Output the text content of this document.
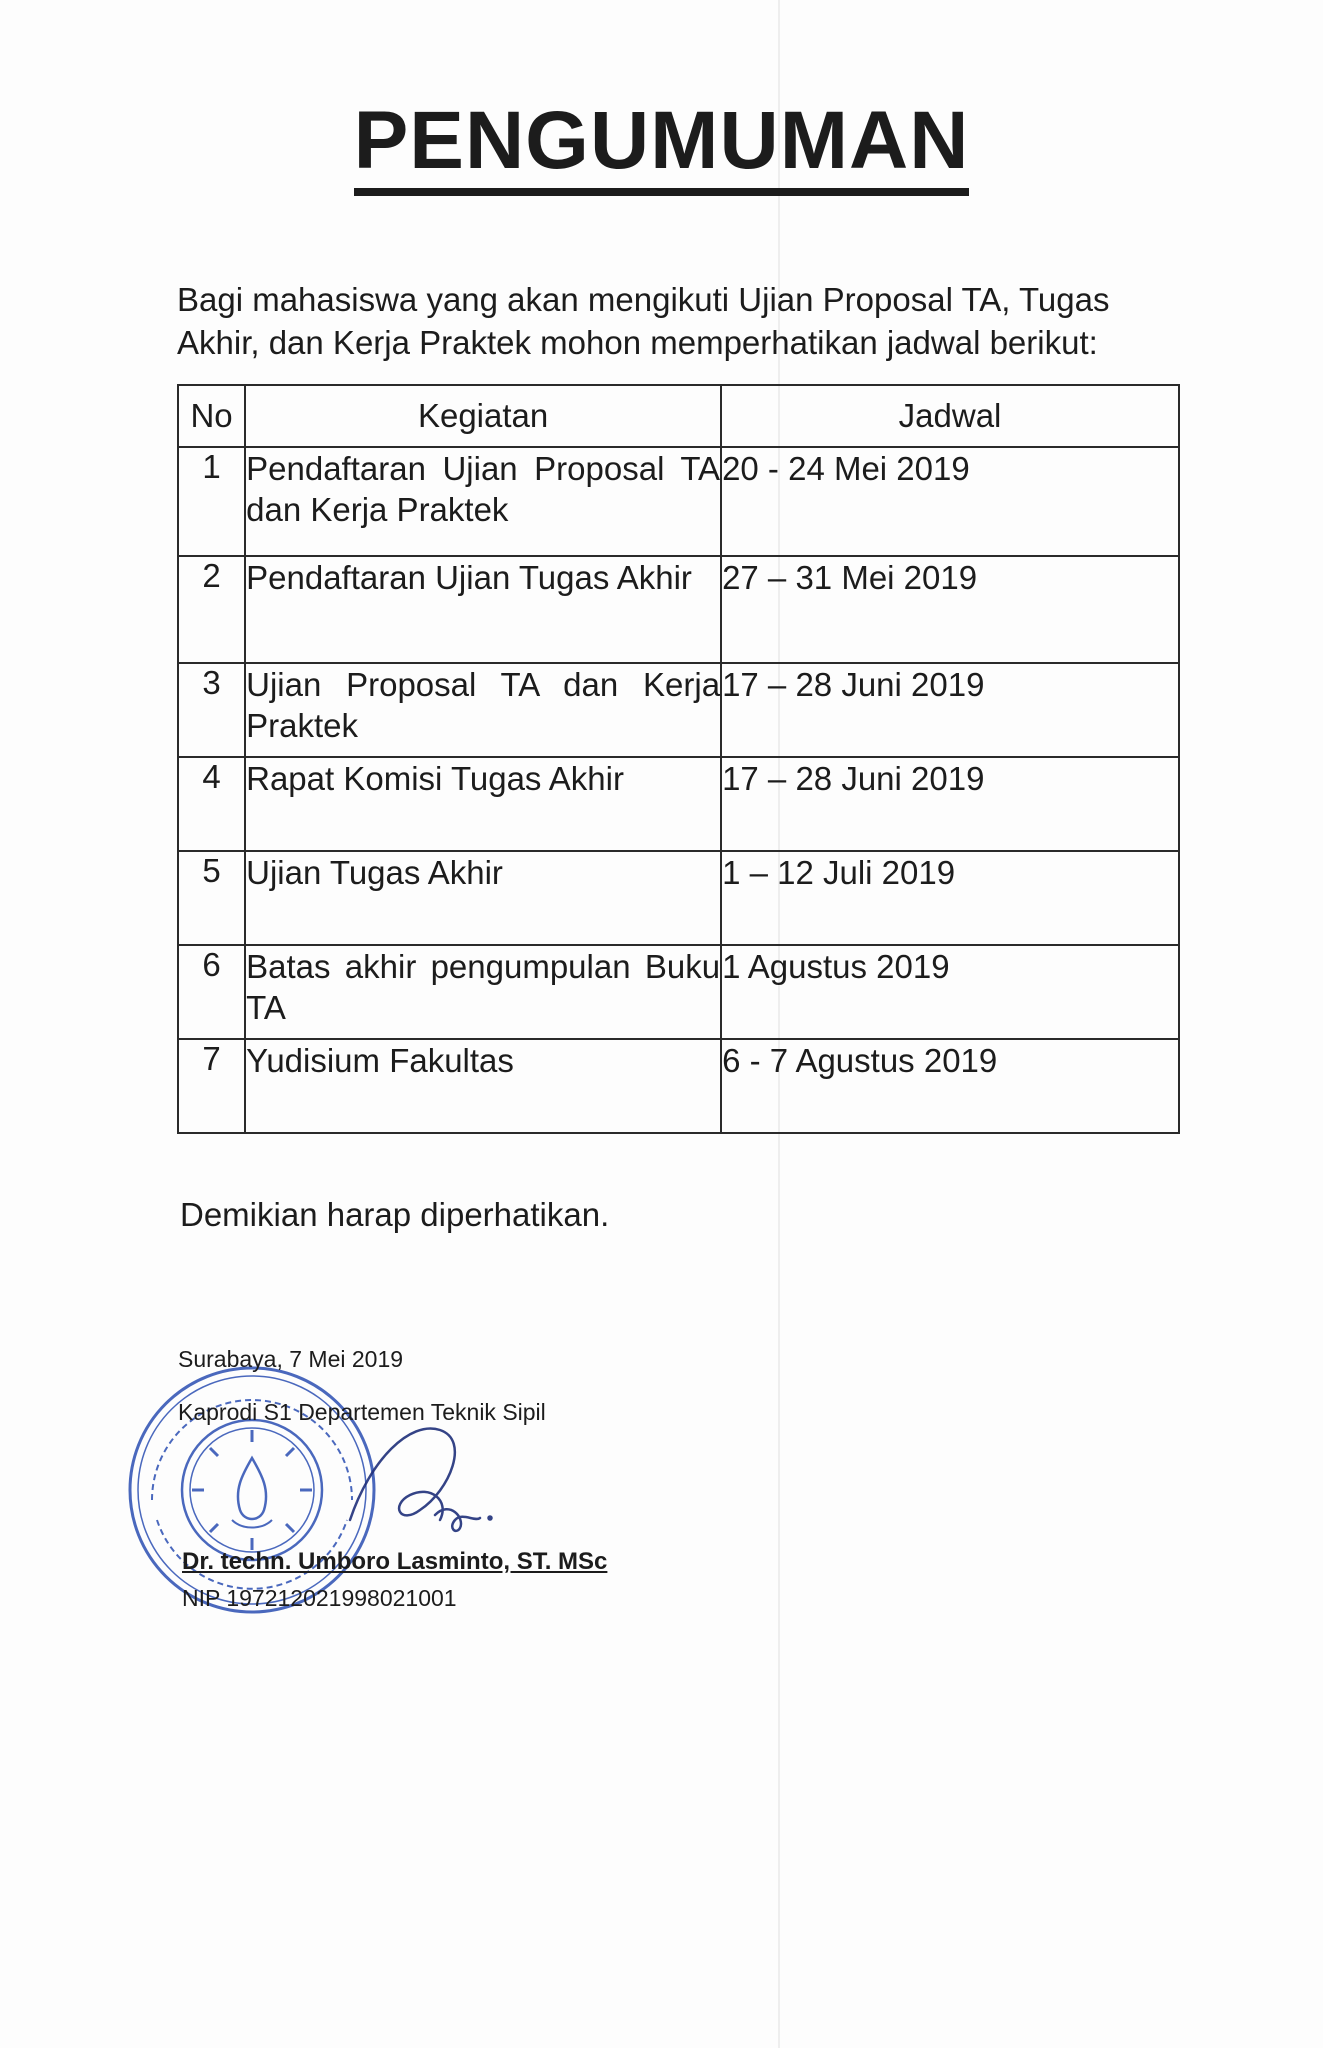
PENGUMUMAN
Bagi mahasiswa yang akan mengikuti Ujian Proposal TA, Tugas Akhir, dan Kerja Praktek mohon memperhatikan jadwal berikut:
No	Kegiatan	Jadwal
1	Pendaftaran Ujian Proposal TA dan Kerja Praktek	20 - 24 Mei 2019
2	Pendaftaran Ujian Tugas Akhir	27 – 31 Mei 2019
3	Ujian Proposal TA dan Kerja Praktek	17 – 28 Juni 2019
4	Rapat Komisi Tugas Akhir	17 – 28 Juni 2019
5	Ujian Tugas Akhir	1 – 12 Juli 2019
6	Batas akhir pengumpulan Buku TA	1 Agustus 2019
7	Yudisium Fakultas	6 - 7 Agustus 2019
Demikian harap diperhatikan.
Surabaya, 7 Mei 2019
Kaprodi S1 Departemen Teknik Sipil
Dr. techn. Umboro Lasminto, ST. MSc
NIP 197212021998021001
